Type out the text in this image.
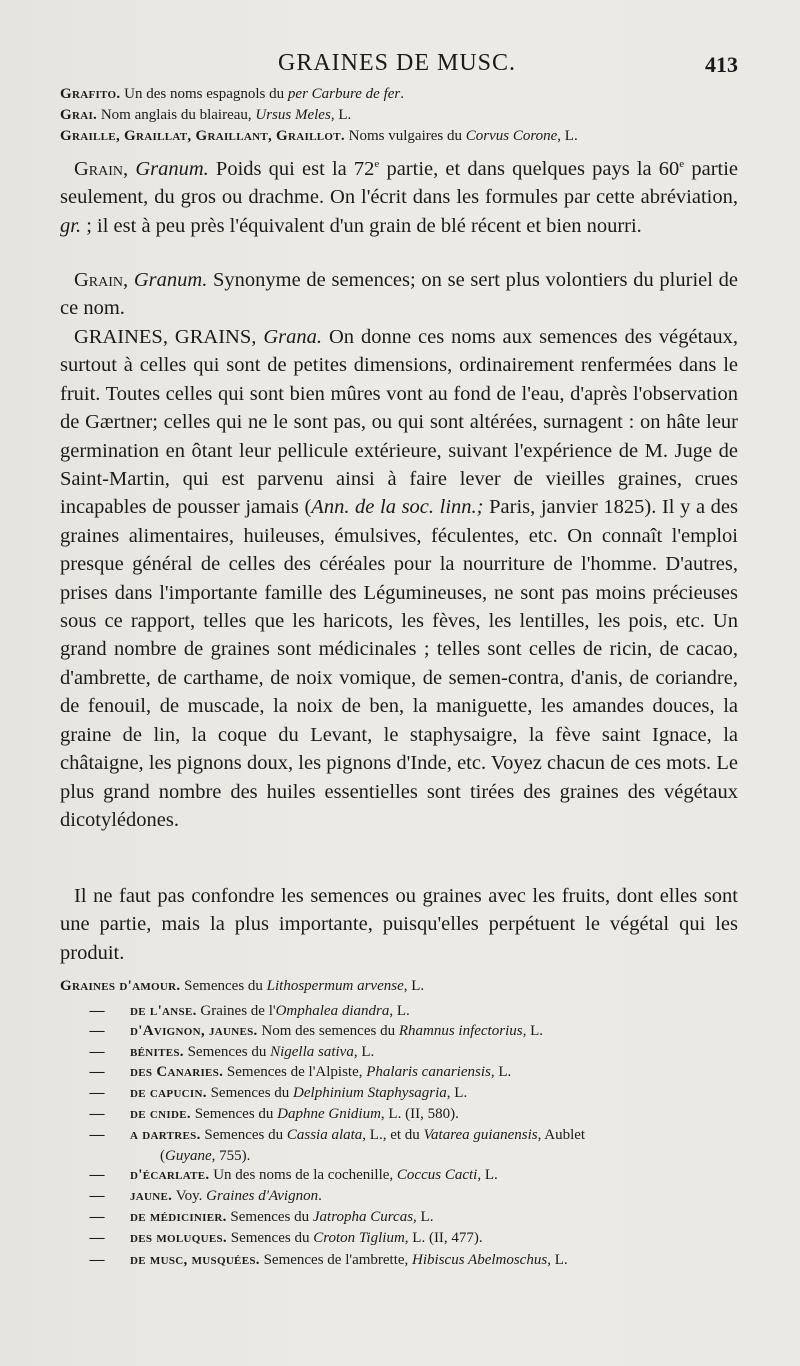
GRAINES DE MUSC.	413
Grafito. Un des noms espagnols du per Carbure de fer.
Grai. Nom anglais du blaireau, Ursus Meles, L.
Graille, Graillat, Graillant, Graillot. Noms vulgaires du Corvus Corone, L.
Grain, Granum. Poids qui est la 72e partie, et dans quelques pays la 60e partie seulement, du gros ou drachme. On l'écrit dans les formules par cette abréviation, gr. ; il est à peu près l'équivalent d'un grain de blé récent et bien nourri.
Grain, Granum. Synonyme de semences; on se sert plus volontiers du pluriel de ce nom.
GRAINES, GRAINS, Grana. On donne ces noms aux semences des végétaux, surtout à celles qui sont de petites dimensions, ordinairement renfermées dans le fruit. Toutes celles qui sont bien mûres vont au fond de l'eau, d'après l'observation de Gærtner; celles qui ne le sont pas, ou qui sont altérées, surnagent : on hâte leur germination en ôtant leur pellicule extérieure, suivant l'expérience de M. Juge de Saint-Martin, qui est parvenu ainsi à faire lever de vieilles graines, crues incapables de pousser jamais (Ann. de la soc. linn.; Paris, janvier 1825). Il y a des graines alimentaires, huileuses, émulsives, féculentes, etc. On connaît l'emploi presque général de celles des céréales pour la nourriture de l'homme. D'autres, prises dans l'importante famille des Légumineuses, ne sont pas moins précieuses sous ce rapport, telles que les haricots, les fèves, les lentilles, les pois, etc. Un grand nombre de graines sont médicinales ; telles sont celles de ricin, de cacao, d'ambrette, de carthame, de noix vomique, de semen-contra, d'anis, de coriandre, de fenouil, de muscade, la noix de ben, la maniguette, les amandes douces, la graine de lin, la coque du Levant, le staphysaigre, la fève saint Ignace, la châtaigne, les pignons doux, les pignons d'Inde, etc. Voyez chacun de ces mots. Le plus grand nombre des huiles essentielles sont tirées des graines des végétaux dicotylédones.
Il ne faut pas confondre les semences ou graines avec les fruits, dont elles sont une partie, mais la plus importante, puisqu'elles perpétuent le végétal qui les produit.
Graines d'amour. Semences du Lithospermum arvense, L.
— de l'anse. Graines de l'Omphalea diandra, L.
— d'Avignon, jaunes. Nom des semences du Rhamnus infectorius, L.
— bénites. Semences du Nigella sativa, L.
— des Canaries. Semences de l'Alpiste, Phalaris canariensis, L.
— de capucin. Semences du Delphinium Staphysagria, L.
— de cnide. Semences du Daphne Gnidium, L. (II, 580).
— a dartres. Semences du Cassia alata, L., et du Vatarea guianensis, Aublet
(Guyane, 755).
— d'écarlate. Un des noms de la cochenille, Coccus Cacti, L.
— jaune. Voy. Graines d'Avignon.
— de médicinier. Semences du Jatropha Curcas, L.
— des moluques. Semences du Croton Tiglium, L. (II, 477).
— de musc, musquées. Semences de l'ambrette, Hibiscus Abelmoschus, L.
